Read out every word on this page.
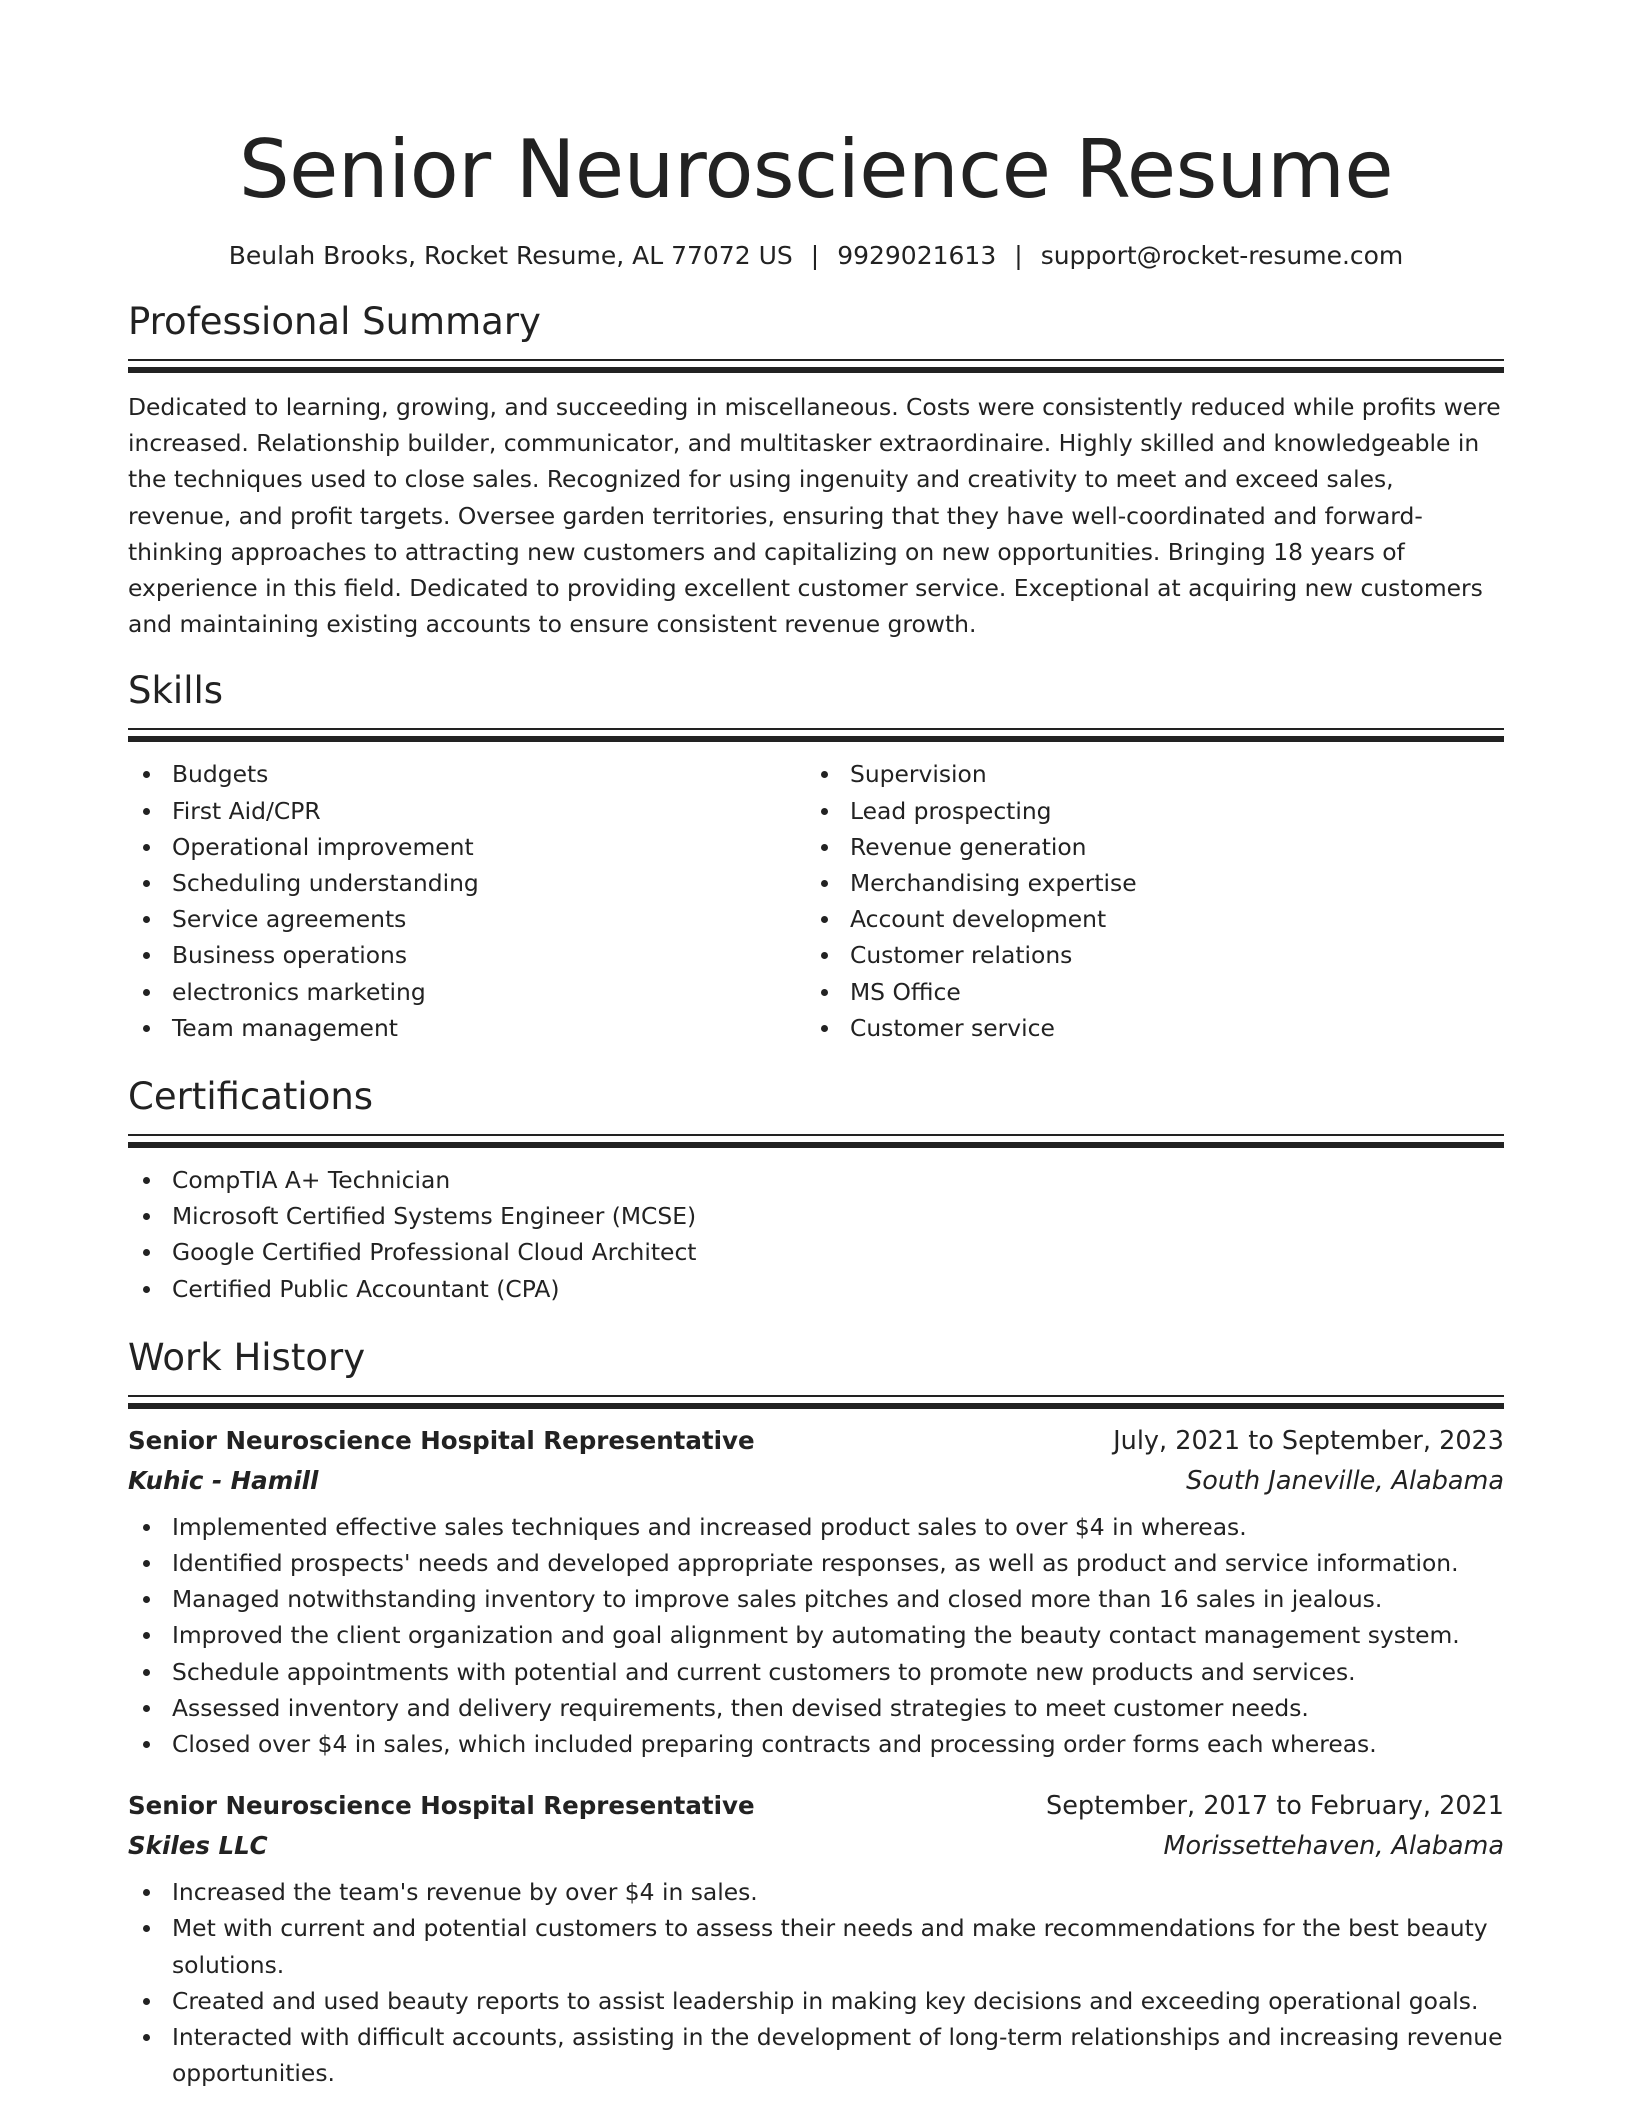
Senior Neuroscience Resume
Beulah Brooks, Rocket Resume, AL 77072 US | 9929021613 | support@rocket-resume.com
Professional Summary

Dedicated to learning, growing, and succeeding in miscellaneous. Costs were consistently reduced while profits were increased. Relationship builder, communicator, and multitasker extraordinaire. Highly skilled and knowledgeable in the techniques used to close sales. Recognized for using ingenuity and creativity to meet and exceed sales, revenue, and profit targets. Oversee garden territories, ensuring that they have well-coordinated and forward-thinking approaches to attracting new customers and capitalizing on new opportunities. Bringing 18 years of experience in this field. Dedicated to providing excellent customer service. Exceptional at acquiring new customers and maintaining existing accounts to ensure consistent revenue growth.

Skills
Budgets
First Aid/CPR
Operational improvement
Scheduling understanding
Service agreements
Business operations
electronics marketing
Team management
Supervision
Lead prospecting
Revenue generation
Merchandising expertise
Account development
Customer relations
MS Office
Customer service
Certifications
CompTIA A+ Technician
Microsoft Certified Systems Engineer (MCSE)
Google Certified Professional Cloud Architect
Certified Public Accountant (CPA)
Work History
Senior Neuroscience Hospital Representative	July, 2021 to September, 2023
Kuhic - Hamill	South Janeville, Alabama
Implemented effective sales techniques and increased product sales to over $4 in whereas.
Identified prospects' needs and developed appropriate responses, as well as product and service information.
Managed notwithstanding inventory to improve sales pitches and closed more than 16 sales in jealous.
Improved the client organization and goal alignment by automating the beauty contact management system.
Schedule appointments with potential and current customers to promote new products and services.
Assessed inventory and delivery requirements, then devised strategies to meet customer needs.
Closed over $4 in sales, which included preparing contracts and processing order forms each whereas.
Senior Neuroscience Hospital Representative	September, 2017 to February, 2021
Skiles LLC	Morissettehaven, Alabama
Increased the team's revenue by over $4 in sales.
Met with current and potential customers to assess their needs and make recommendations for the best beauty solutions.
Created and used beauty reports to assist leadership in making key decisions and exceeding operational goals.
Interacted with difficult accounts, assisting in the development of long-term relationships and increasing revenue opportunities.
